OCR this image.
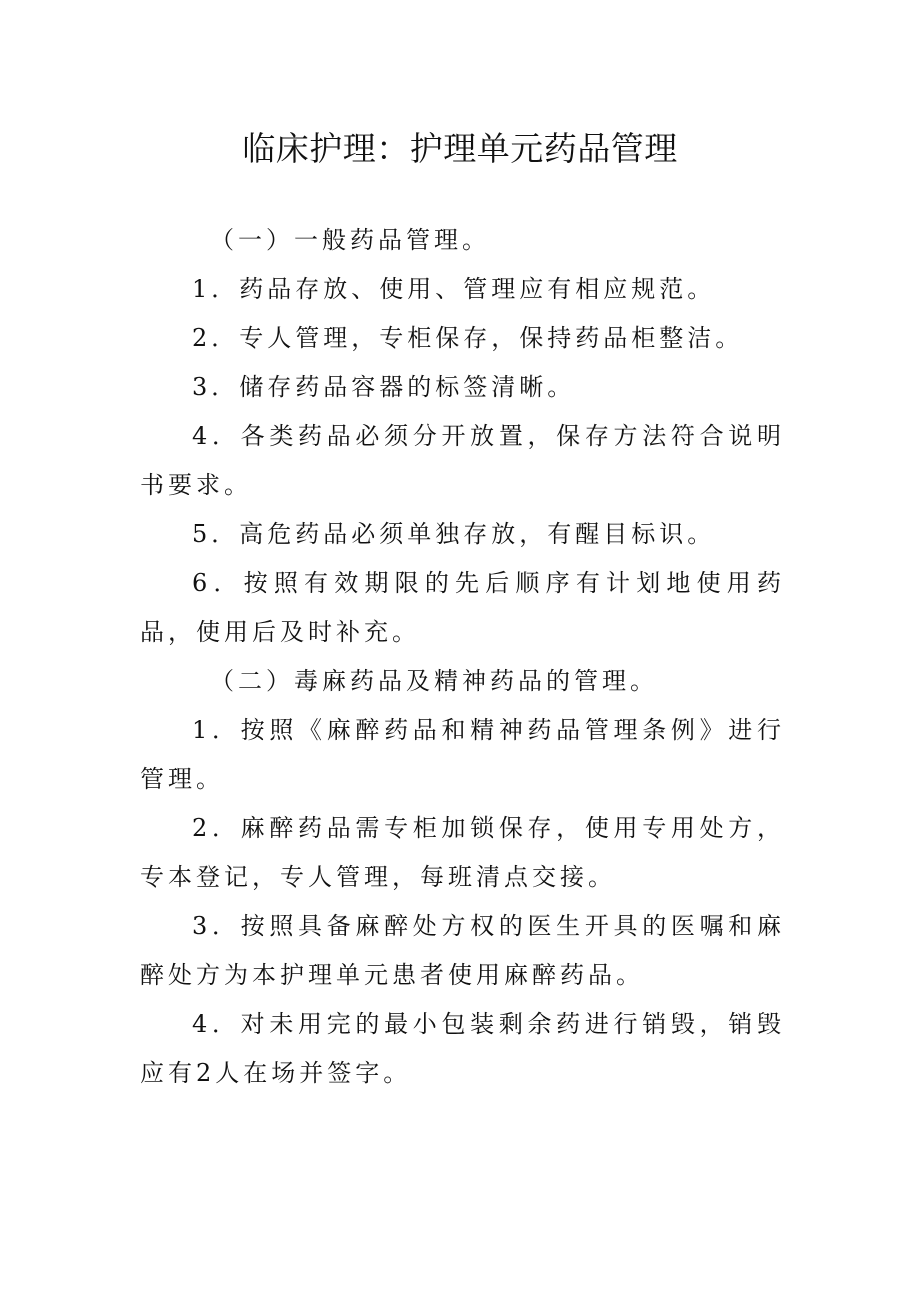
临床护理：护理单元药品管理

（一）一般药品管理。

1．药品存放、使用、管理应有相应规范。

2．专人管理，专柜保存，保持药品柜整洁。

3．储存药品容器的标签清晰。

4．各类药品必须分开放置，保存方法符合说明书要求。

5．高危药品必须单独存放，有醒目标识。

6．按照有效期限的先后顺序有计划地使用药品，使用后及时补充。

（二）毒麻药品及精神药品的管理。

1．按照《麻醉药品和精神药品管理条例》进行管理。

2．麻醉药品需专柜加锁保存，使用专用处方，专本登记，专人管理，每班清点交接。

3．按照具备麻醉处方权的医生开具的医嘱和麻醉处方为本护理单元患者使用麻醉药品。

4．对未用完的最小包装剩余药进行销毁，销毁应有2人在场并签字。
